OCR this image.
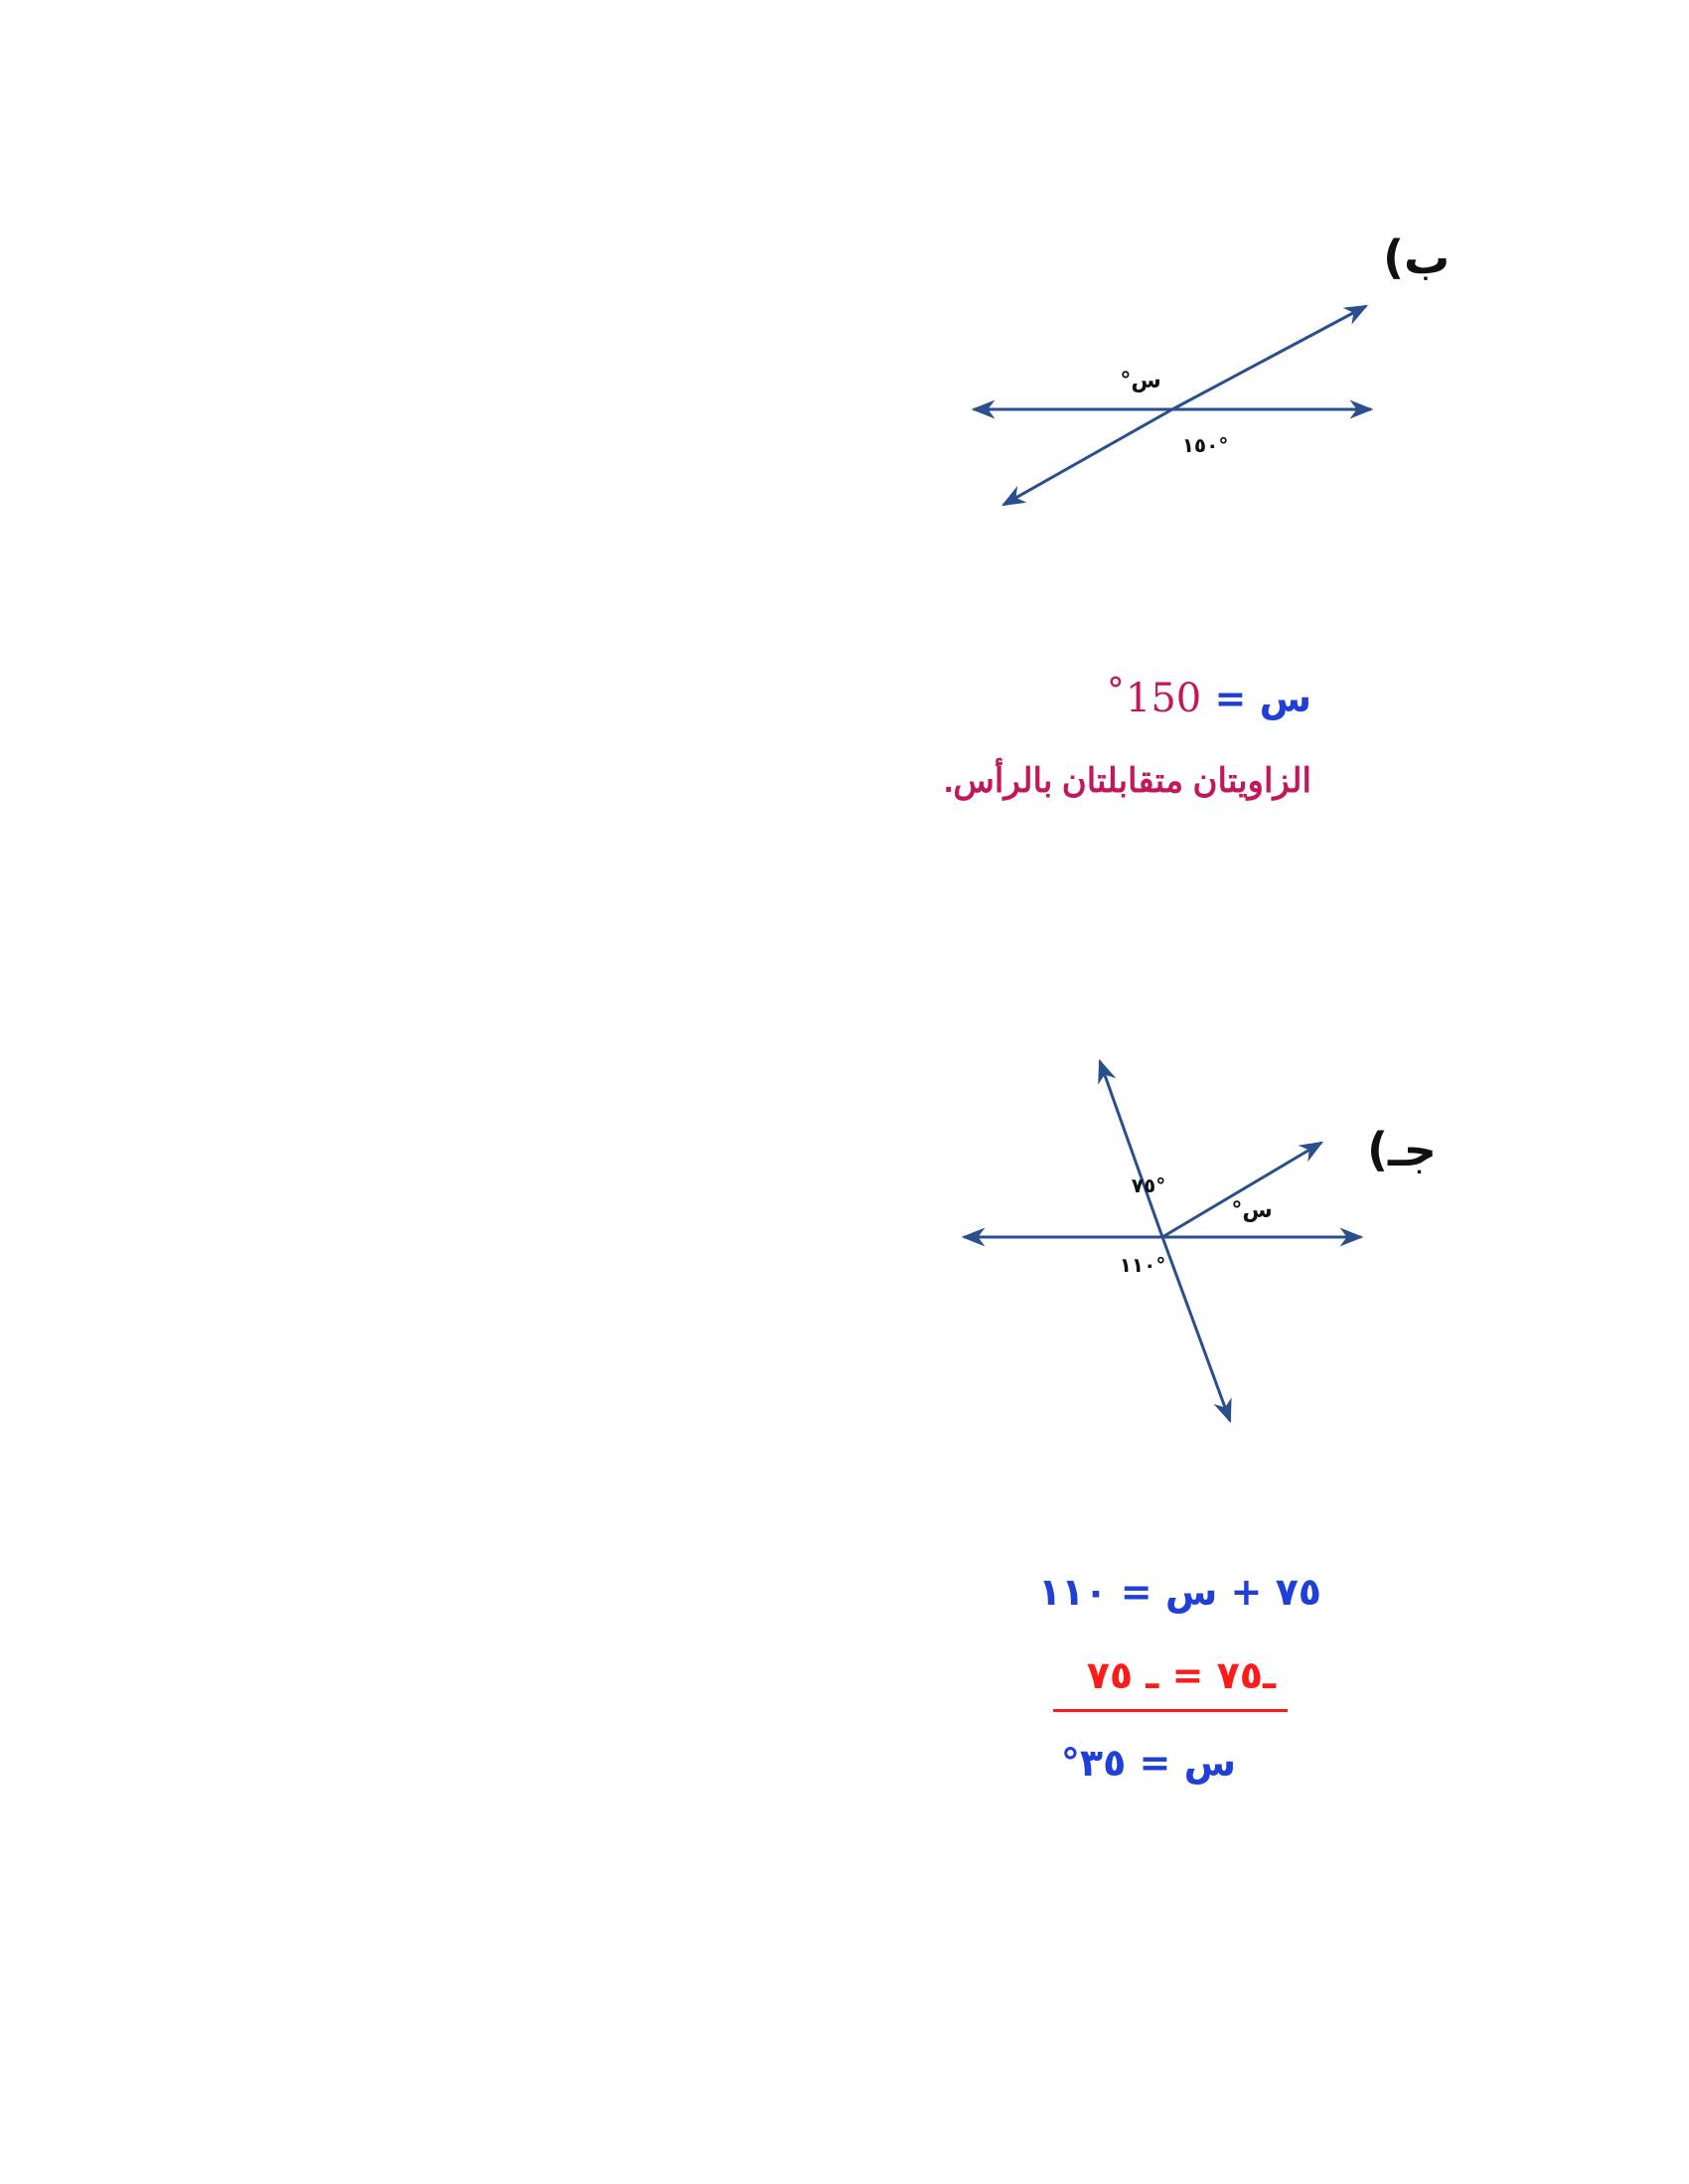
ب)
س°
°١٥٠
س = 150˚
الزاويتان متقابلتان بالرأس.
جـ)
°٧٥
س°
°١١٠
٧٥ + س = ١١٠
ـ٧٥ = ـ ٧٥
س = ٣٥°
